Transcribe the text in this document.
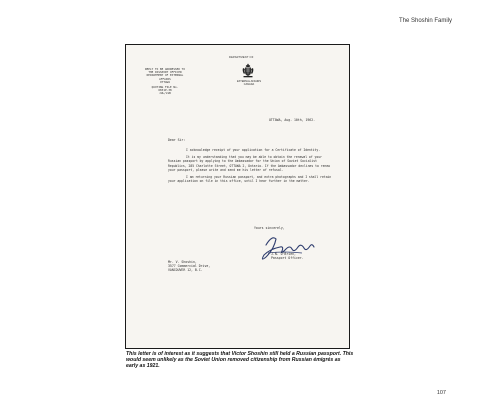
The Shoshin Family
REPLY TO BE ADDRESSED TO
THE PASSPORT OFFICER
DEPARTMENT OF EXTERNAL
AFFAIRS
OTTAWA
QUOTING FILE No.
6831P-38
JUL/LSB
DEPARTMENT OF
EXTERNAL AFFAIRS
CANADA
OTTAWA, Aug. 10th, 1962.
Dear Sir:

I acknowledge receipt of your application for a Certificate of Identity.

It is my understanding that you may be able to obtain the renewal of your Russian passport by applying to the Ambassador for the Union of Soviet Socialist Republics, 285 Charlotte Street, OTTAWA 2, Ontario. If the Ambassador declines to renew your passport, please write and send me his letter of refusal.

I am returning your Russian passport, and extra photographs and I shall retain your application on file in this office, until I hear further in the matter.

Yours sincerely,
J.N. O'Brien,
Passport Officer.
Mr. V. Shoshin,
3577 Commercial Drive,
VANCOUVER 12, B.C.
This letter is of interest as it suggests that Victor Shoshin still held a Russian passport. This would seem unlikely as the Soviet Union removed citizenship from Russian émigrés as early as 1921.
107
